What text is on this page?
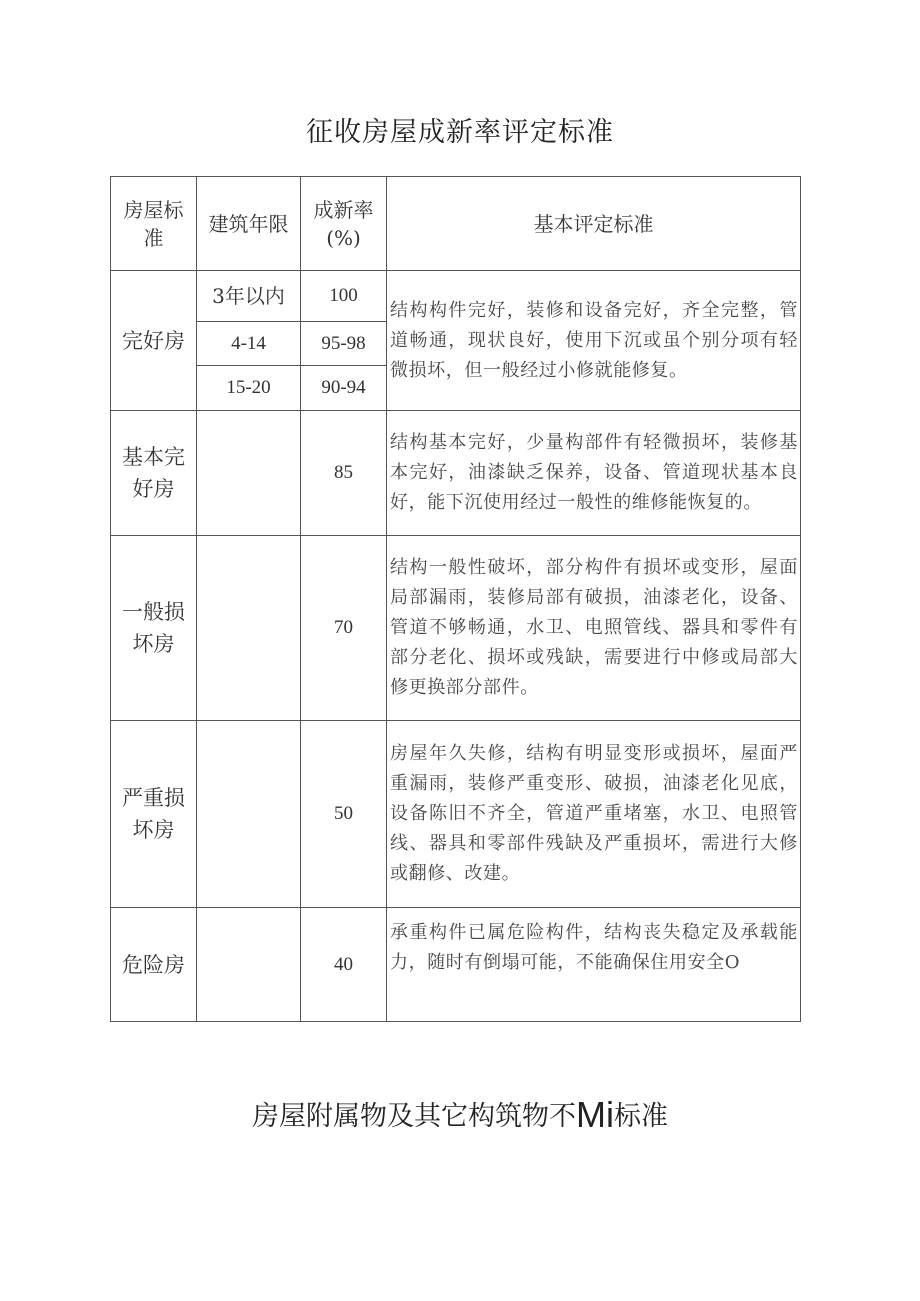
征收房屋成新率评定标准
房屋标准	建筑年限	成新率(%)	基本评定标准
完好房	3年以内	100	结构构件完好，装修和设备完好，齐全完整，管道畅通，现状良好，使用下沉或虽个别分项有轻微损坏，但一般经过小修就能修复。
	4-14	95-98	
	15-20	90-94	
基本完好房		85	结构基本完好，少量构部件有轻微损坏，装修基本完好，油漆缺乏保养，设备、管道现状基本良好，能下沉使用经过一般性的维修能恢复的。
一般损坏房		70	结构一般性破坏，部分构件有损坏或变形，屋面局部漏雨，装修局部有破损，油漆老化，设备、管道不够畅通，水卫、电照管线、器具和零件有部分老化、损坏或残缺，需要进行中修或局部大修更换部分部件。
严重损坏房		50	房屋年久失修，结构有明显变形或损坏，屋面严重漏雨，装修严重变形、破损，油漆老化见底，设备陈旧不齐全，管道严重堵塞，水卫、电照管线、器具和零部件残缺及严重损坏，需进行大修或翻修、改建。
危险房		40	承重构件已属危险构件，结构丧失稳定及承载能力，随时有倒塌可能，不能确保住用安全O
房屋附属物及其它构筑物不Mi标准
